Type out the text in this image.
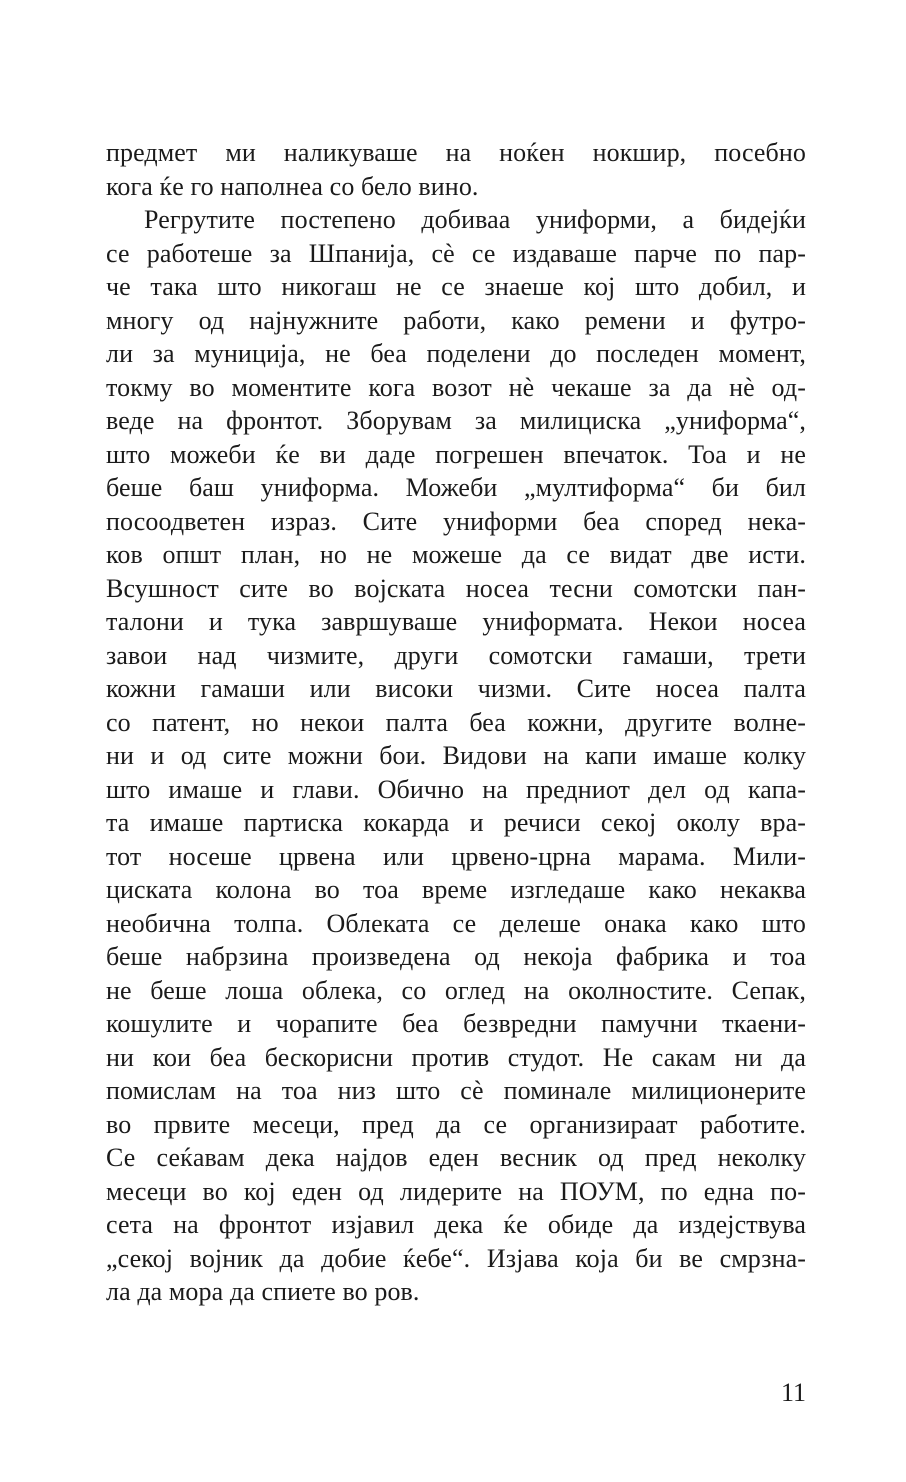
предмет ми наликуваше на ноќен нокшир, посебно
кога ќе го наполнеа со бело вино.
Регрутите постепено добиваа униформи, а бидејќи
се работеше за Шпанија, сè се издаваше парче по пар-
че така што никогаш не се знаеше кој што добил, и
многу од најнужните работи, како ремени и футро-
ли за муниција, не беа поделени до последен момент,
токму во моментите кога возот нè чекаше за да нè од-
веде на фронтот. Зборувам за милициска „униформа“,
што можеби ќе ви даде погрешен впечаток. Тоа и не
беше баш униформа. Можеби „мултиформа“ би бил
посоодветен израз. Сите униформи беа според нека-
ков општ план, но не можеше да се видат две исти.
Всушност сите во војската носеа тесни сомотски пан-
талони и тука завршуваше униформата. Некои носеа
завои над чизмите, други сомотски гамаши, трети
кожни гамаши или високи чизми. Сите носеа палта
со патент, но некои палта беа кожни, другите волне-
ни и од сите можни бои. Видови на капи имаше колку
што имаше и глави. Обично на предниот дел од капа-
та имаше партиска кокарда и речиси секој околу вра-
тот носеше црвена или црвено-црна марама. Мили-
циската колона во тоа време изгледаше како некаква
необична толпа. Облеката се делеше онака како што
беше набрзина произведена од некоја фабрика и тоа
не беше лоша облека, со оглед на околностите. Сепак,
кошулите и чорапите беа безвредни памучни ткаени-
ни кои беа бескорисни против студот. Не сакам ни да
помислам на тоа низ што сè поминале милиционерите
во првите месеци, пред да се организираат работите.
Се сеќавам дека најдов еден весник од пред неколку
месеци во кој еден од лидерите на ПОУМ, по една по-
сета на фронтот изјавил дека ќе обиде да издејствува
„секој војник да добие ќебе“. Изјава која би ве смрзна-
ла да мора да спиете во ров.
11
